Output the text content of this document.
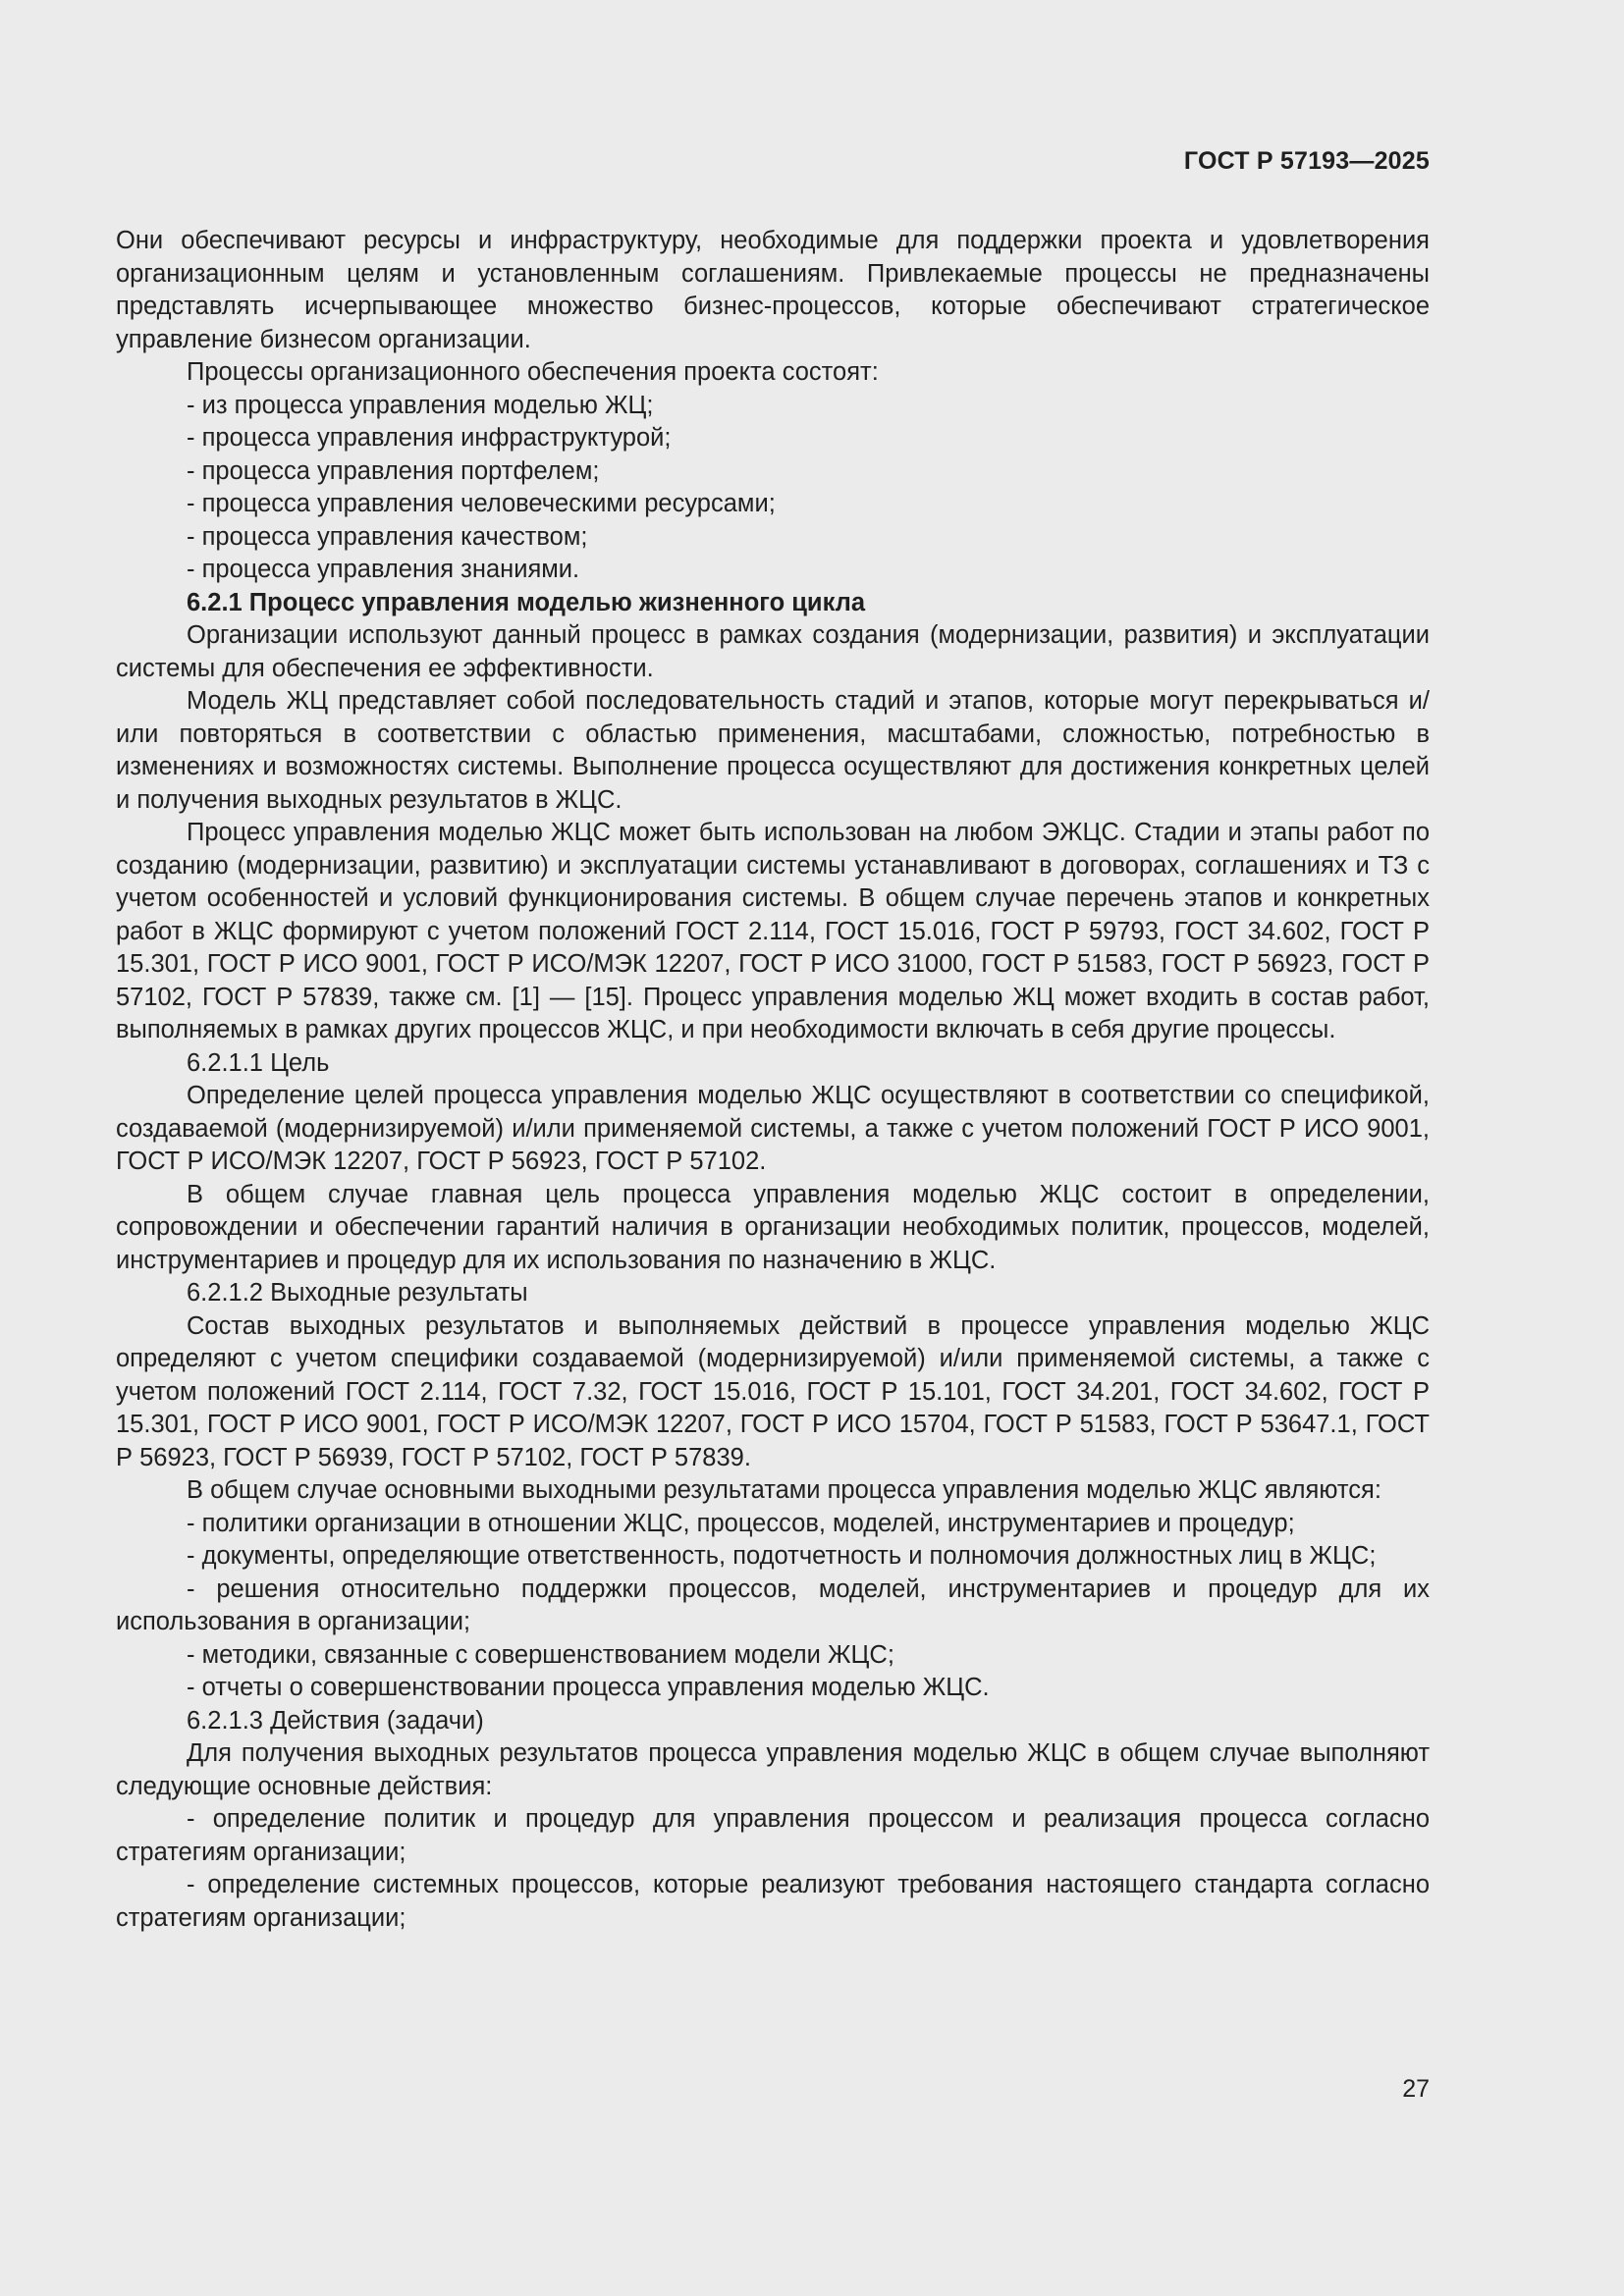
ГОСТ Р 57193—2025

Они обеспечивают ресурсы и инфраструктуру, необходимые для поддержки проекта и удовлетворения организационным целям и установленным соглашениям. Привлекаемые процессы не предназначены представлять исчерпывающее множество бизнес-процессов, которые обеспечивают стратегическое управление бизнесом организации.

Процессы организационного обеспечения проекта состоят:

- из процесса управления моделью ЖЦ;

- процесса управления инфраструктурой;

- процесса управления портфелем;

- процесса управления человеческими ресурсами;

- процесса управления качеством;

- процесса управления знаниями.

6.2.1 Процесс управления моделью жизненного цикла

Организации используют данный процесс в рамках создания (модернизации, развития) и эксплуатации системы для обеспечения ее эффективности.

Модель ЖЦ представляет собой последовательность стадий и этапов, которые могут перекрываться и/или повторяться в соответствии с областью применения, масштабами, сложностью, потребностью в изменениях и возможностях системы. Выполнение процесса осуществляют для достижения конкретных целей и получения выходных результатов в ЖЦС.

Процесс управления моделью ЖЦС может быть использован на любом ЭЖЦС. Стадии и этапы работ по созданию (модернизации, развитию) и эксплуатации системы устанавливают в договорах, соглашениях и ТЗ с учетом особенностей и условий функционирования системы. В общем случае перечень этапов и конкретных работ в ЖЦС формируют с учетом положений ГОСТ 2.114, ГОСТ 15.016, ГОСТ Р 59793, ГОСТ 34.602, ГОСТ Р 15.301, ГОСТ Р ИСО 9001, ГОСТ Р ИСО/МЭК 12207, ГОСТ Р ИСО 31000, ГОСТ Р 51583, ГОСТ Р 56923, ГОСТ Р 57102, ГОСТ Р 57839, также см. [1] — [15]. Процесс управления моделью ЖЦ может входить в состав работ, выполняемых в рамках других процессов ЖЦС, и при необходимости включать в себя другие процессы.

6.2.1.1 Цель

Определение целей процесса управления моделью ЖЦС осуществляют в соответствии со спецификой, создаваемой (модернизируемой) и/или применяемой системы, а также с учетом положений ГОСТ Р ИСО 9001, ГОСТ Р ИСО/МЭК 12207, ГОСТ Р 56923, ГОСТ Р 57102.

В общем случае главная цель процесса управления моделью ЖЦС состоит в определении, сопровождении и обеспечении гарантий наличия в организации необходимых политик, процессов, моделей, инструментариев и процедур для их использования по назначению в ЖЦС.

6.2.1.2 Выходные результаты

Состав выходных результатов и выполняемых действий в процессе управления моделью ЖЦС определяют с учетом специфики создаваемой (модернизируемой) и/или применяемой системы, а также с учетом положений ГОСТ 2.114, ГОСТ 7.32, ГОСТ 15.016, ГОСТ Р 15.101, ГОСТ 34.201, ГОСТ 34.602, ГОСТ Р 15.301, ГОСТ Р ИСО 9001, ГОСТ Р ИСО/МЭК 12207, ГОСТ Р ИСО 15704, ГОСТ Р 51583, ГОСТ Р 53647.1, ГОСТ Р 56923, ГОСТ Р 56939, ГОСТ Р 57102, ГОСТ Р 57839.

В общем случае основными выходными результатами процесса управления моделью ЖЦС являются:

- политики организации в отношении ЖЦС, процессов, моделей, инструментариев и процедур;

- документы, определяющие ответственность, подотчетность и полномочия должностных лиц в ЖЦС;

- решения относительно поддержки процессов, моделей, инструментариев и процедур для их использования в организации;

- методики, связанные с совершенствованием модели ЖЦС;

- отчеты о совершенствовании процесса управления моделью ЖЦС.

6.2.1.3 Действия (задачи)

Для получения выходных результатов процесса управления моделью ЖЦС в общем случае выполняют следующие основные действия:

- определение политик и процедур для управления процессом и реализация процесса согласно стратегиям организации;

- определение системных процессов, которые реализуют требования настоящего стандарта согласно стратегиям организации;

27
